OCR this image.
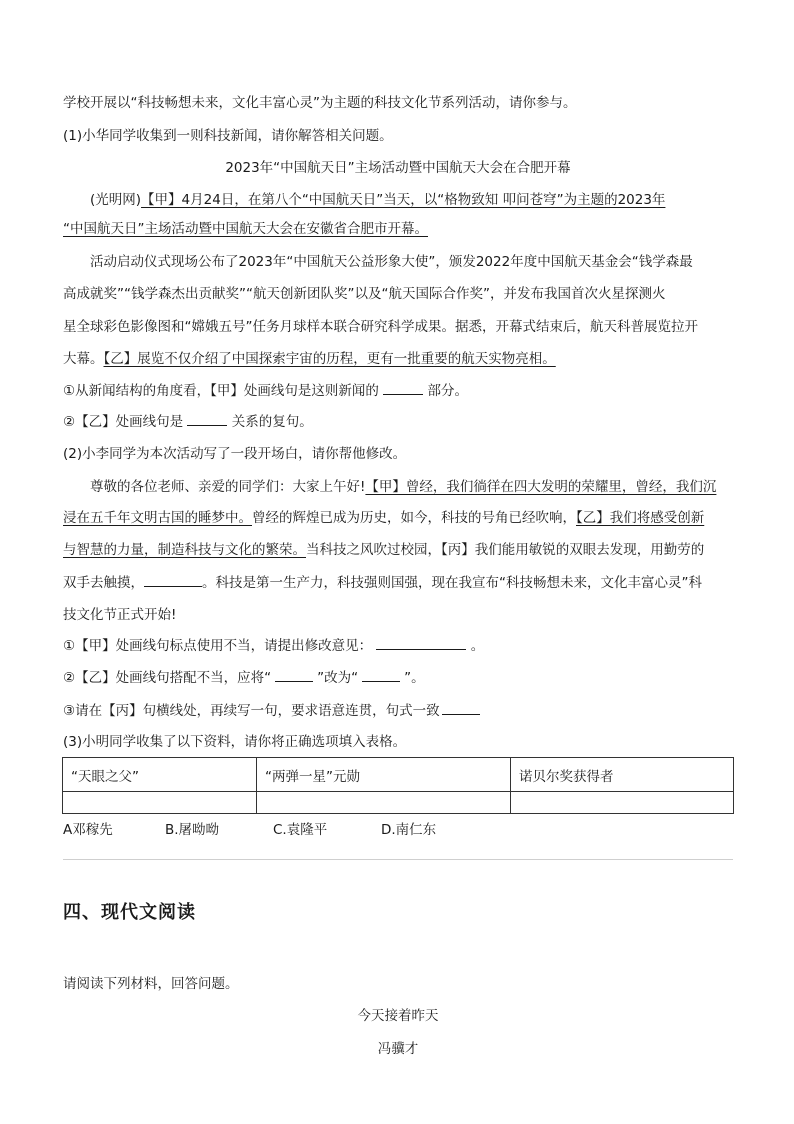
学校开展以“科技畅想未来，文化丰富心灵”为主题的科技文化节系列活动，请你参与。
(1)小华同学收集到一则科技新闻，请你解答相关问题。
2023年“中国航天日”主场活动暨中国航天大会在合肥开幕
(光明网)【甲】4月24日，在第八个“中国航天日”当天，以“格物致知 叩问苍穹”为主题的2023年
“中国航天日”主场活动暨中国航天大会在安徽省合肥市开幕。
活动启动仪式现场公布了2023年“中国航天公益形象大使”，颁发2022年度中国航天基金会“钱学森最
高成就奖”“钱学森杰出贡献奖”“航天创新团队奖”以及“航天国际合作奖”，并发布我国首次火星探测火
星全球彩色影像图和“嫦娥五号”任务月球样本联合研究科学成果。据悉，开幕式结束后，航天科普展览拉开
大幕。【乙】展览不仅介绍了中国探索宇宙的历程，更有一批重要的航天实物亮相。
①从新闻结构的角度看，【甲】处画线句是这则新闻的	部分。
②【乙】处画线句是	关系的复句。
(2)小李同学为本次活动写了一段开场白，请你帮他修改。
尊敬的各位老师、亲爱的同学们：大家上午好!【甲】曾经，我们徜徉在四大发明的荣耀里，曾经，我们沉
浸在五千年文明古国的睡梦中。曾经的辉煌已成为历史，如今，科技的号角已经吹响，【乙】我们将感受创新
与智慧的力量，制造科技与文化的繁荣。当科技之风吹过校园，【丙】我们能用敏锐的双眼去发现，用勤劳的
双手去触摸，	。科技是第一生产力，科技强则国强，现在我宣布“科技畅想未来，文化丰富心灵”科
技文化节正式开始!
①【甲】处画线句标点使用不当，请提出修改意见：	。
②【乙】处画线句搭配不当，应将“	”改为“	”。
③请在【丙】句横线处，再续写一句，要求语意连贯，句式一致
(3)小明同学收集了以下资料，请你将正确选项填入表格。
“天眼之父”	“两弹一星”元勋	诺贝尔奖获得者

A邓稼先	B.屠呦呦	C.袁隆平	D.南仁东
四、现代文阅读
请阅读下列材料，回答问题。
今天接着昨天
冯骥才
